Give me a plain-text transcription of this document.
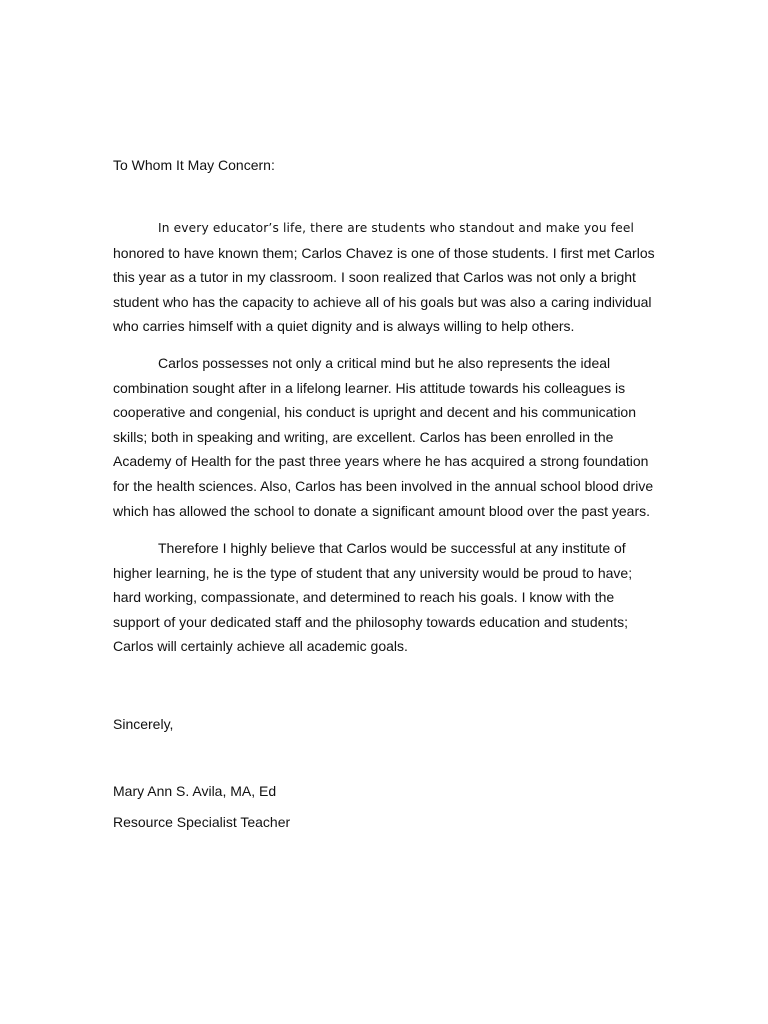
To Whom It May Concern:

In every educator’s life, there are students who standout and make you feel
honored to have known them; Carlos Chavez is one of those students. I first met Carlos
this year as a tutor in my classroom. I soon realized that Carlos was not only a bright
student who has the capacity to achieve all of his goals but was also a caring individual
who carries himself with a quiet dignity and is always willing to help others.

Carlos possesses not only a critical mind but he also represents the ideal
combination sought after in a lifelong learner. His attitude towards his colleagues is
cooperative and congenial, his conduct is upright and decent and his communication
skills; both in speaking and writing, are excellent. Carlos has been enrolled in the
Academy of Health for the past three years where he has acquired a strong foundation
for the health sciences. Also, Carlos has been involved in the annual school blood drive
which has allowed the school to donate a significant amount blood over the past years.

Therefore I highly believe that Carlos would be successful at any institute of
higher learning, he is the type of student that any university would be proud to have;
hard working, compassionate, and determined to reach his goals. I know with the
support of your dedicated staff and the philosophy towards education and students;
Carlos will certainly achieve all academic goals.

Sincerely,

Mary Ann S. Avila, MA, Ed

Resource Specialist Teacher
